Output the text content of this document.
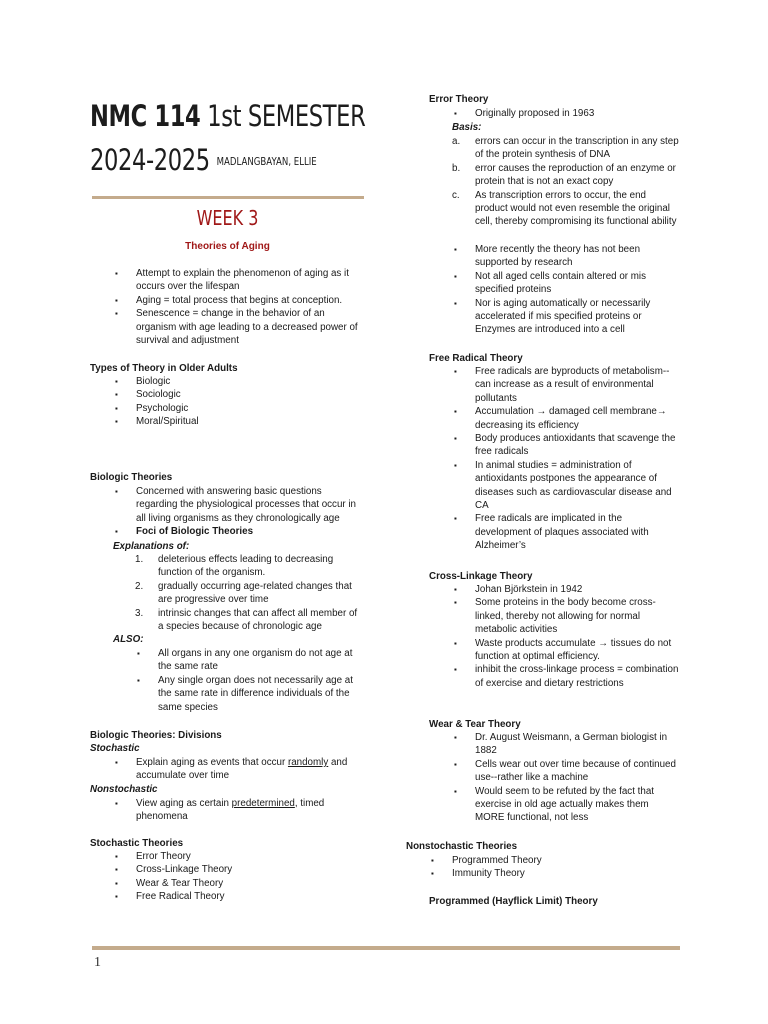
NMC 114 1st SEMESTER
2024-2025 MADLANGBAYAN, ELLIE
WEEK 3
Theories of Aging
▪ Attempt to explain the phenomenon of aging as it occurs over the lifespan
▪ Aging = total process that begins at conception.
▪ Senescence = change in the behavior of an organism with age leading to a decreased power of survival and adjustment
Types of Theory in Older Adults
▪ Biologic
▪ Sociologic
▪ Psychologic
▪ Moral/Spiritual
Biologic Theories
▪ Concerned with answering basic questions regarding the physiological processes that occur in all living organisms as they chronologically age
▪ Foci of Biologic Theories
Explanations of:
1. deleterious effects leading to decreasing function of the organism.
2. gradually occurring age-related changes that are progressive over time
3. intrinsic changes that can affect all member of a species because of chronologic age
ALSO:
▪ All organs in any one organism do not age at the same rate
▪ Any single organ does not necessarily age at the same rate in difference individuals of the same species
Biologic Theories: Divisions
Stochastic
▪ Explain aging as events that occur randomly and accumulate over time
Nonstochastic
▪ View aging as certain predetermined, timed phenomena
Stochastic Theories
▪ Error Theory
▪ Cross-Linkage Theory
▪ Wear & Tear Theory
▪ Free Radical Theory
Error Theory
▪ Originally proposed in 1963
Basis:
a. errors can occur in the transcription in any step of the protein synthesis of DNA
b. error causes the reproduction of an enzyme or protein that is not an exact copy
c. As transcription errors to occur, the end product would not even resemble the original cell, thereby compromising its functional ability
▪ More recently the theory has not been supported by research
▪ Not all aged cells contain altered or mis specified proteins
▪ Nor is aging automatically or necessarily accelerated if mis specified proteins or Enzymes are introduced into a cell
Free Radical Theory
▪ Free radicals are byproducts of metabolism--can increase as a result of environmental pollutants
▪ Accumulation → damaged cell membrane→ decreasing its efficiency
▪ Body produces antioxidants that scavenge the free radicals
▪ In animal studies = administration of antioxidants postpones the appearance of diseases such as cardiovascular disease and CA
▪ Free radicals are implicated in the development of plaques associated with Alzheimer’s
Cross-Linkage Theory
▪ Johan Björkstein in 1942
▪ Some proteins in the body become cross-linked, thereby not allowing for normal metabolic activities
▪ Waste products accumulate → tissues do not function at optimal efficiency.
▪ inhibit the cross-linkage process = combination of exercise and dietary restrictions
Wear & Tear Theory
▪ Dr. August Weismann, a German biologist in 1882
▪ Cells wear out over time because of continued use--rather like a machine
▪ Would seem to be refuted by the fact that exercise in old age actually makes them MORE functional, not less
Nonstochastic Theories
▪ Programmed Theory
▪ Immunity Theory
Programmed (Hayflick Limit) Theory
1
